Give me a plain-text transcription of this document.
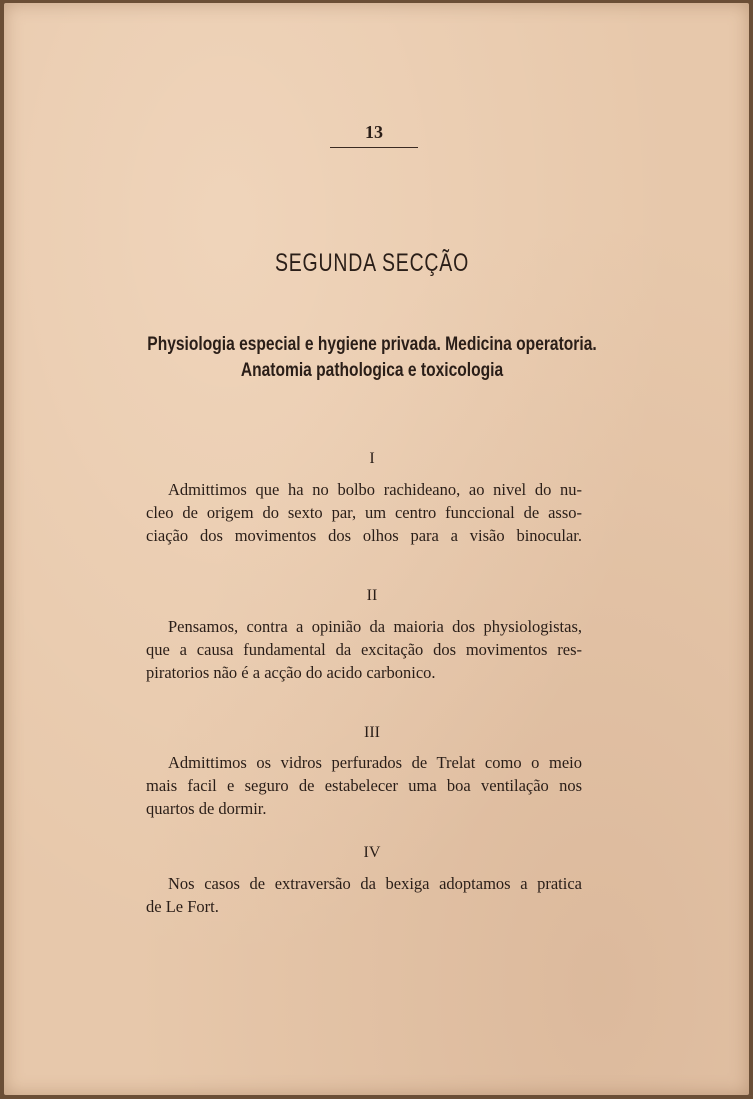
13
SEGUNDA SECÇÃO
Physiologia especial e hygiene privada. Medicina operatoria.
Anatomia pathologica e toxicologia
I
Admittimos que ha no bolbo rachideano, ao nivel do nu-
cleo de origem do sexto par, um centro funccional de asso-
ciação dos movimentos dos olhos para a visão binocular.
II
Pensamos, contra a opinião da maioria dos physiologistas,
que a causa fundamental da excitação dos movimentos res-
piratorios não é a acção do acido carbonico.
III
Admittimos os vidros perfurados de Trelat como o meio
mais facil e seguro de estabelecer uma boa ventilação nos
quartos de dormir.
IV
Nos casos de extraversão da bexiga adoptamos a pratica
de Le Fort.
